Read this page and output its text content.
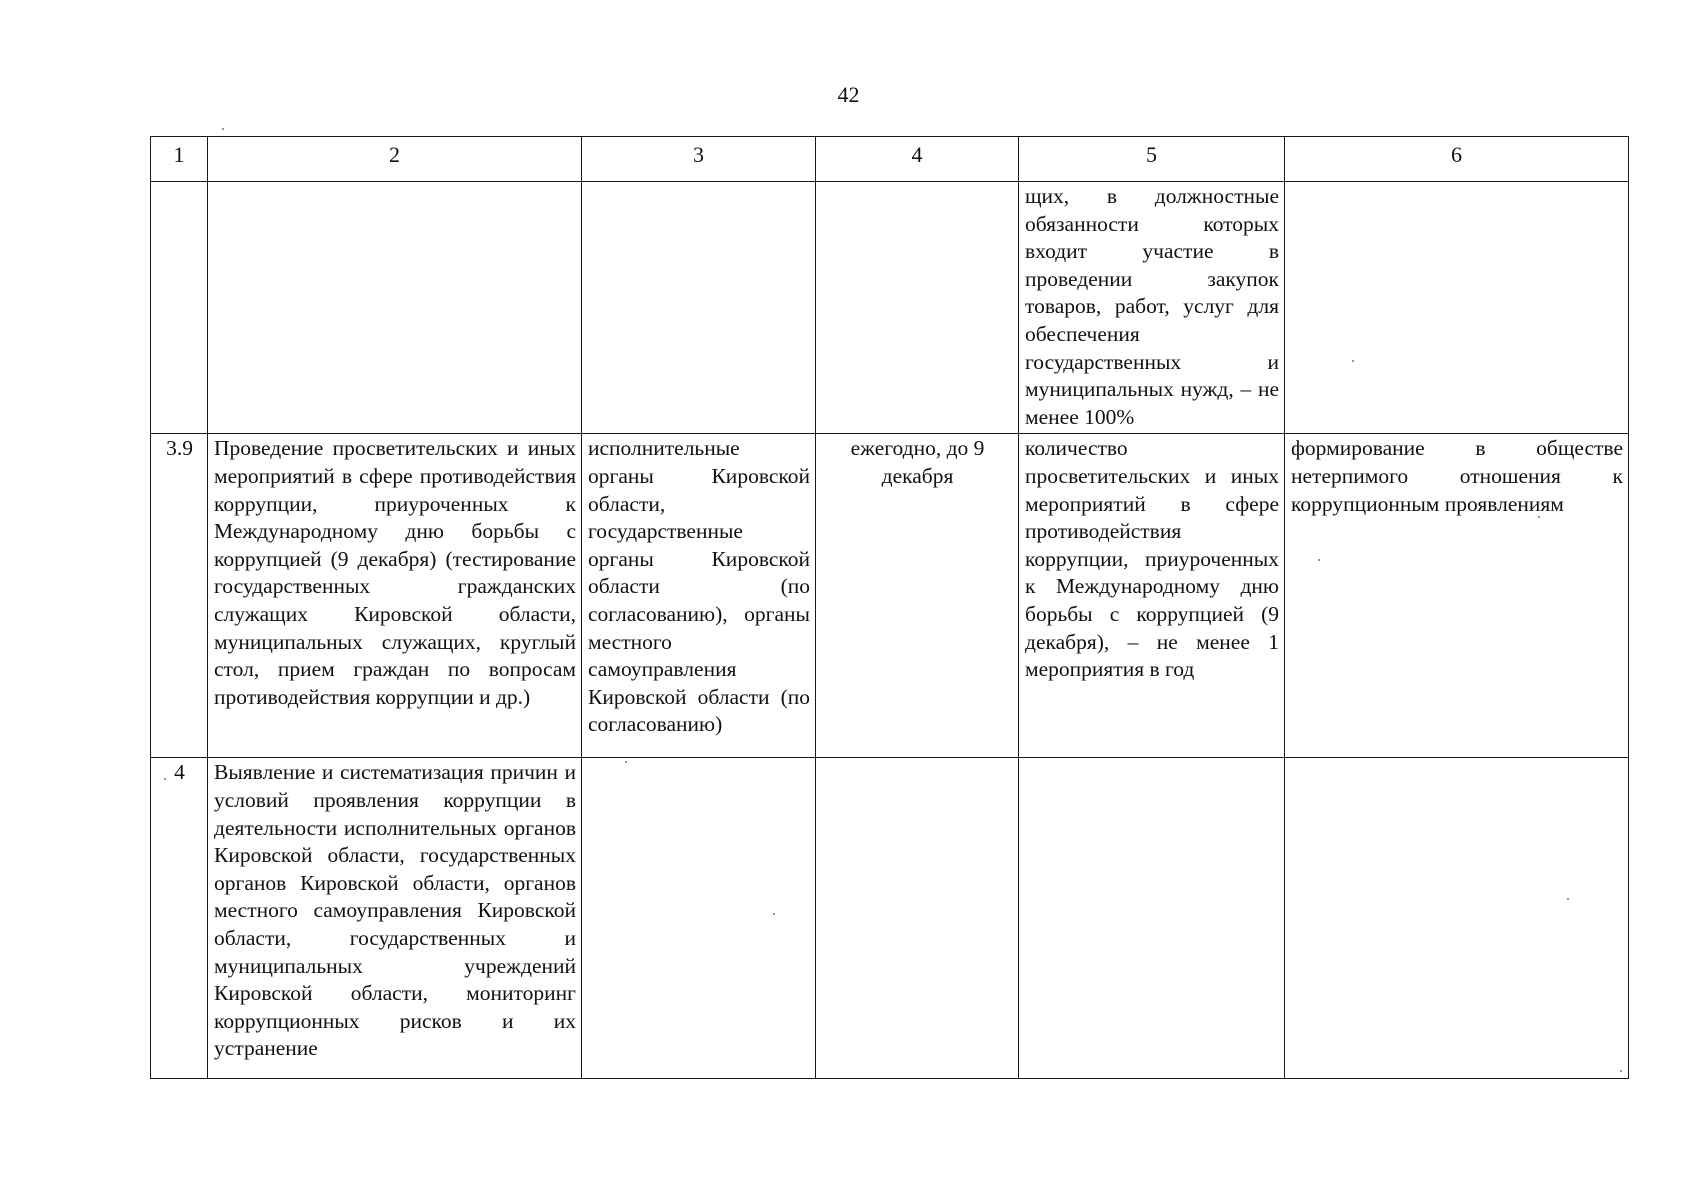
42
1	2	3	4	5	6
				щих, в должностные обязанности которых входит участие в проведении закупок товаров, работ, услуг для обеспечения государственных и муниципальных нужд, – не менее 100%	
3.9	Проведение просветительских и иных мероприятий в сфере противодействия коррупции, приуроченных к Международному дню борьбы с коррупцией (9 декабря) (тестирование государственных гражданских служащих Кировской области, муниципальных служащих, круглый стол, прием граждан по вопросам противодействия коррупции и др.)	исполнительные органы Кировской области, государственные органы Кировской области (по согласованию), органы местного самоуправления Кировской области (по согласованию)	ежегодно, до 9 декабря	количество просветительских и иных мероприятий в сфере противодействия коррупции, приуроченных к Международному дню борьбы с коррупцией (9 декабря), – не менее 1 мероприятия в год	формирование в обществе нетерпимого отношения к коррупционным проявлениям
4	Выявление и систематизация причин и условий проявления коррупции в деятельности исполнительных органов Кировской области, государственных органов Кировской области, органов местного самоуправления Кировской области, государственных и муниципальных учреждений Кировской области, мониторинг коррупционных рисков и их устранение				
